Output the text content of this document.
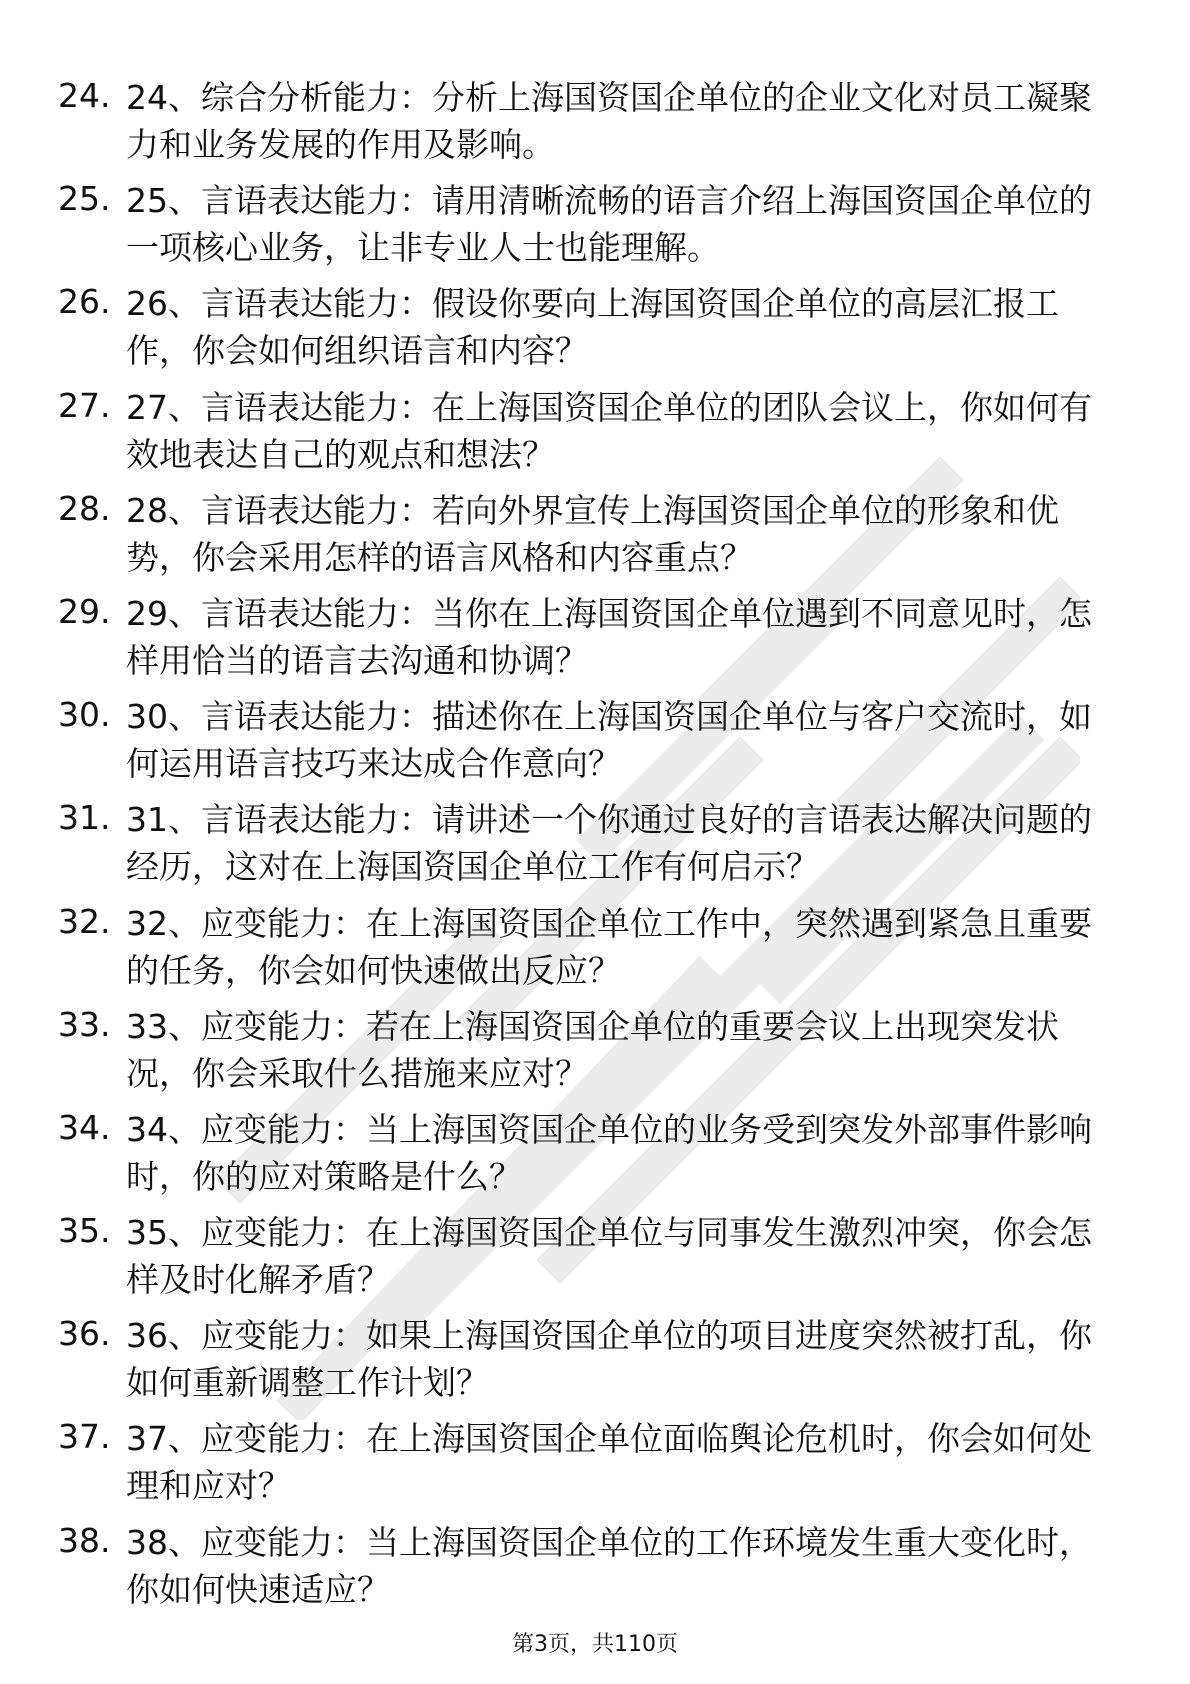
24. 24、综合分析能力：分析上海国资国企单位的企业文化对员工凝聚力和业务发展的作用及影响。
25. 25、言语表达能力：请用清晰流畅的语言介绍上海国资国企单位的一项核心业务，让非专业人士也能理解。
26. 26、言语表达能力：假设你要向上海国资国企单位的高层汇报工作，你会如何组织语言和内容？
27. 27、言语表达能力：在上海国资国企单位的团队会议上，你如何有效地表达自己的观点和想法？
28. 28、言语表达能力：若向外界宣传上海国资国企单位的形象和优势，你会采用怎样的语言风格和内容重点？
29. 29、言语表达能力：当你在上海国资国企单位遇到不同意见时，怎样用恰当的语言去沟通和协调？
30. 30、言语表达能力：描述你在上海国资国企单位与客户交流时，如何运用语言技巧来达成合作意向？
31. 31、言语表达能力：请讲述一个你通过良好的言语表达解决问题的经历，这对在上海国资国企单位工作有何启示？
32. 32、应变能力：在上海国资国企单位工作中，突然遇到紧急且重要的任务，你会如何快速做出反应？
33. 33、应变能力：若在上海国资国企单位的重要会议上出现突发状况，你会采取什么措施来应对？
34. 34、应变能力：当上海国资国企单位的业务受到突发外部事件影响时，你的应对策略是什么？
35. 35、应变能力：在上海国资国企单位与同事发生激烈冲突，你会怎样及时化解矛盾？
36. 36、应变能力：如果上海国资国企单位的项目进度突然被打乱，你如何重新调整工作计划？
37. 37、应变能力：在上海国资国企单位面临舆论危机时，你会如何处理和应对？
38. 38、应变能力：当上海国资国企单位的工作环境发生重大变化时，你如何快速适应？
第3页，共110页
